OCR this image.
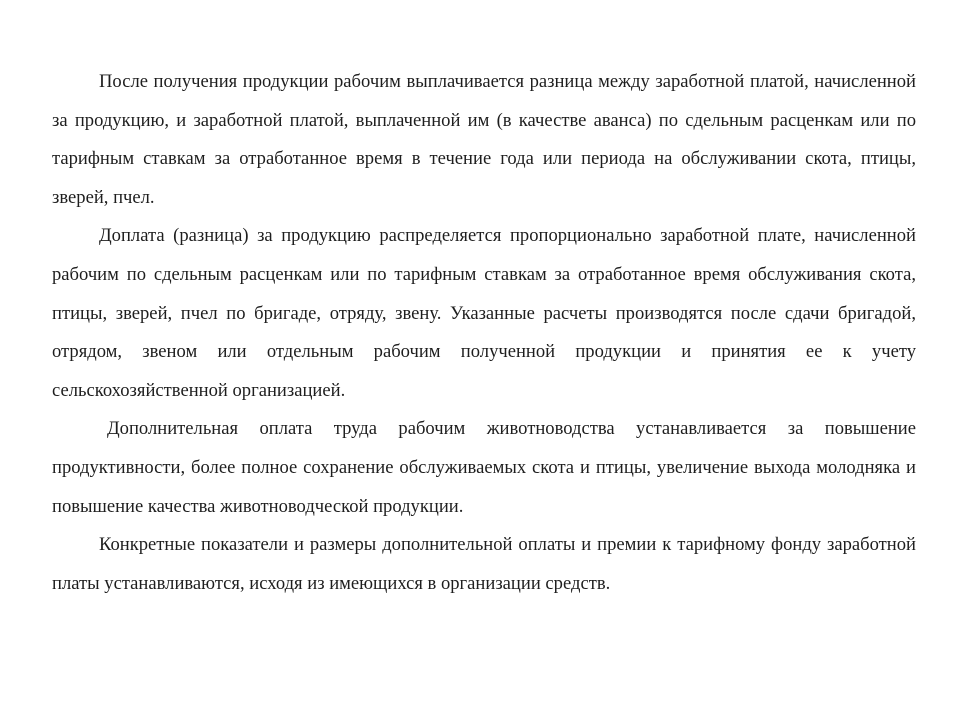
После получения продукции рабочим выплачивается разница между заработной платой, начисленной за продукцию, и заработной платой, выплаченной им (в качестве аванса) по сдельным расценкам или по тарифным ставкам за отработанное время в течение года или периода на обслуживании скота, птицы, зверей, пчел.

Доплата (разница) за продукцию распределяется пропорционально заработной плате, начисленной рабочим по сдельным расценкам или по тарифным ставкам за отработанное время обслуживания скота, птицы, зверей, пчел по бригаде, отряду, звену. Указанные расчеты производятся после сдачи бригадой, отрядом, звеном или отдельным рабочим полученной продукции и принятия ее к учету сельскохозяйственной организацией.

Дополнительная оплата труда рабочим животноводства устанавливается за повышение продуктивности, более полное сохранение обслуживаемых скота и птицы, увеличение выхода молодняка и повышение качества животноводческой продукции.

Конкретные показатели и размеры дополнительной оплаты и премии к тарифному фонду заработной платы устанавливаются, исходя из имеющихся в организации средств.
